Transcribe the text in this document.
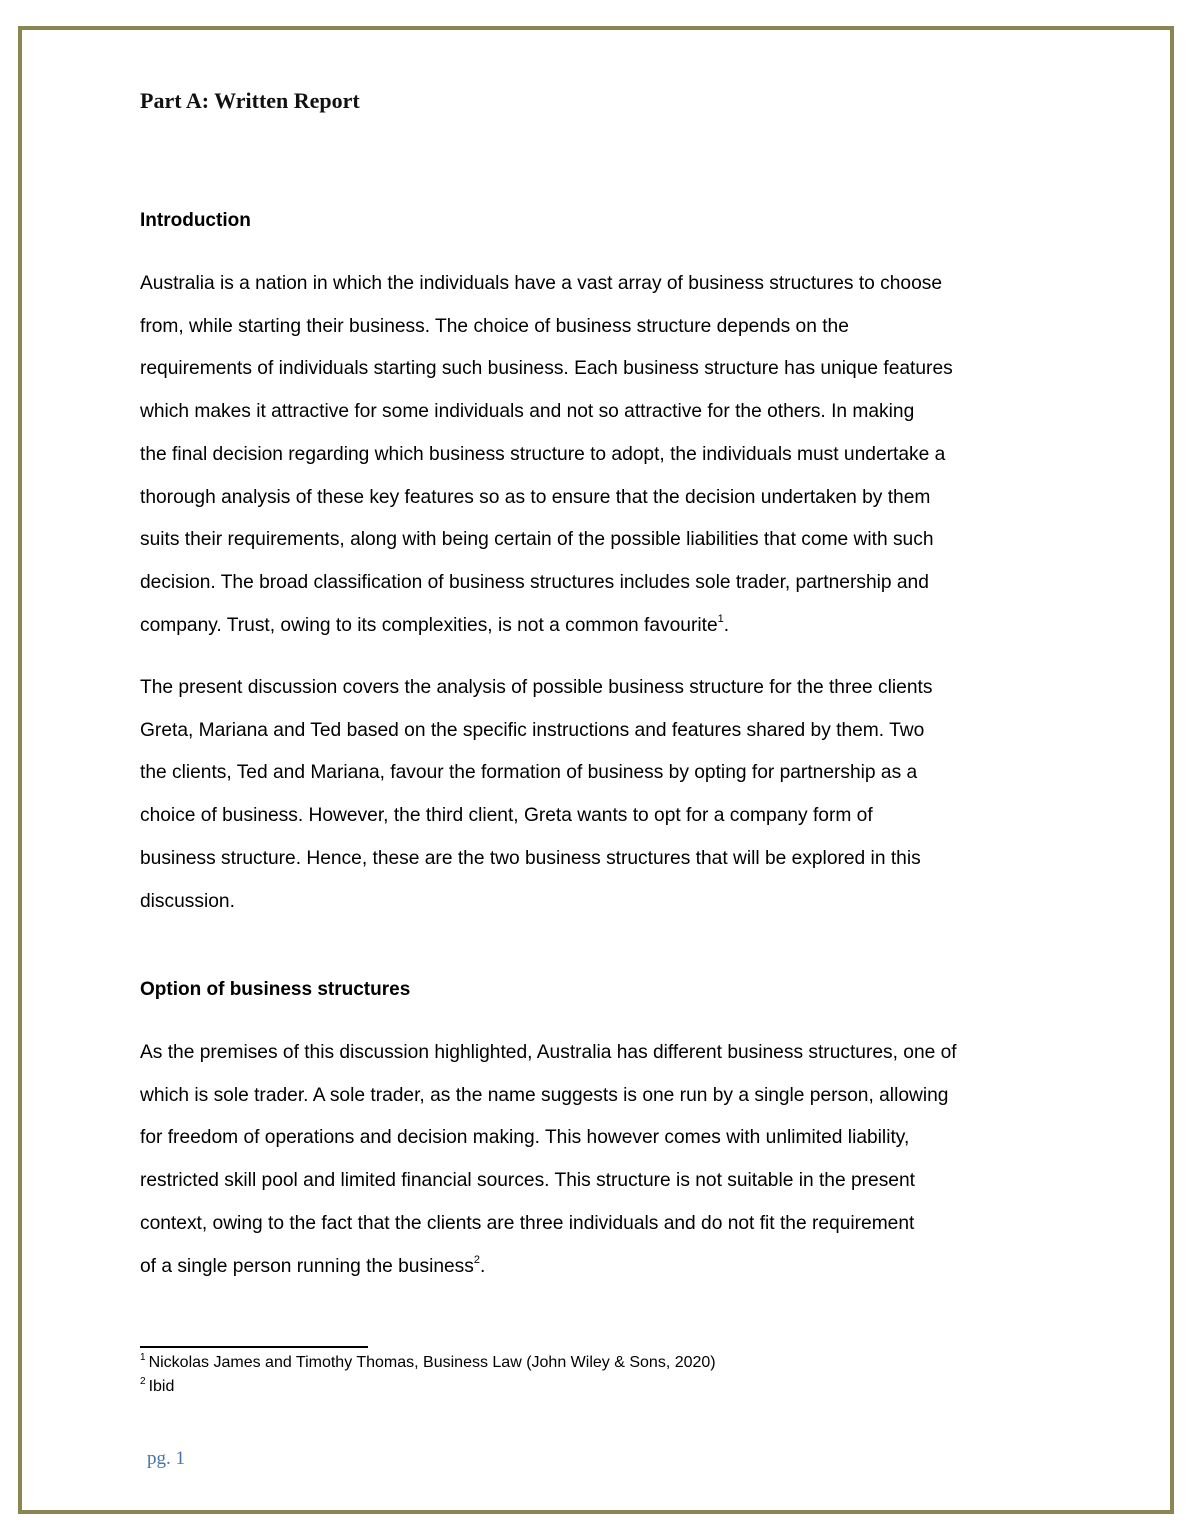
Part A: Written Report
Introduction

Australia is a nation in which the individuals have a vast array of business structures to choose
from, while starting their business. The choice of business structure depends on the
requirements of individuals starting such business. Each business structure has unique features
which makes it attractive for some individuals and not so attractive for the others. In making
the final decision regarding which business structure to adopt, the individuals must undertake a
thorough analysis of these key features so as to ensure that the decision undertaken by them
suits their requirements, along with being certain of the possible liabilities that come with such
decision. The broad classification of business structures includes sole trader, partnership and
company. Trust, owing to its complexities, is not a common favourite$^1$.

The present discussion covers the analysis of possible business structure for the three clients
Greta, Mariana and Ted based on the specific instructions and features shared by them. Two
the clients, Ted and Mariana, favour the formation of business by opting for partnership as a
choice of business. However, the third client, Greta wants to opt for a company form of
business structure. Hence, these are the two business structures that will be explored in this
discussion.

Option of business structures

As the premises of this discussion highlighted, Australia has different business structures, one of
which is sole trader. A sole trader, as the name suggests is one run by a single person, allowing
for freedom of operations and decision making. This however comes with unlimited liability,
restricted skill pool and limited financial sources. This structure is not suitable in the present
context, owing to the fact that the clients are three individuals and do not fit the requirement
of a single person running the business$^2$.

$^1$ Nickolas James and Timothy Thomas, Business Law (John Wiley & Sons, 2020)

$^2$ Ibid

pg. 1
